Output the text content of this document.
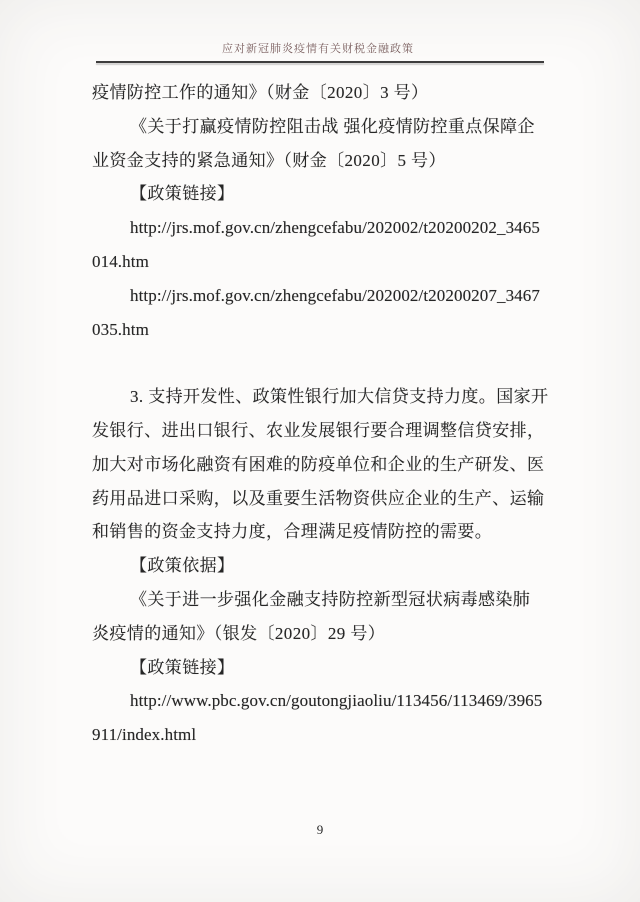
应对新冠肺炎疫情有关财税金融政策
疫情防控工作的通知》（财金〔2020〕3 号）
《关于打赢疫情防控阻击战 强化疫情防控重点保障企
业资金支持的紧急通知》（财金〔2020〕5 号）
【政策链接】
http://jrs.mof.gov.cn/zhengcefabu/202002/t20200202_3465
014.htm
http://jrs.mof.gov.cn/zhengcefabu/202002/t20200207_3467
035.htm
3. 支持开发性、政策性银行加大信贷支持力度。国家开
发银行、进出口银行、农业发展银行要合理调整信贷安排，
加大对市场化融资有困难的防疫单位和企业的生产研发、医
药用品进口采购，以及重要生活物资供应企业的生产、运输
和销售的资金支持力度，合理满足疫情防控的需要。
【政策依据】
《关于进一步强化金融支持防控新型冠状病毒感染肺
炎疫情的通知》（银发〔2020〕29 号）
【政策链接】
http://www.pbc.gov.cn/goutongjiaoliu/113456/113469/3965
911/index.html
9
